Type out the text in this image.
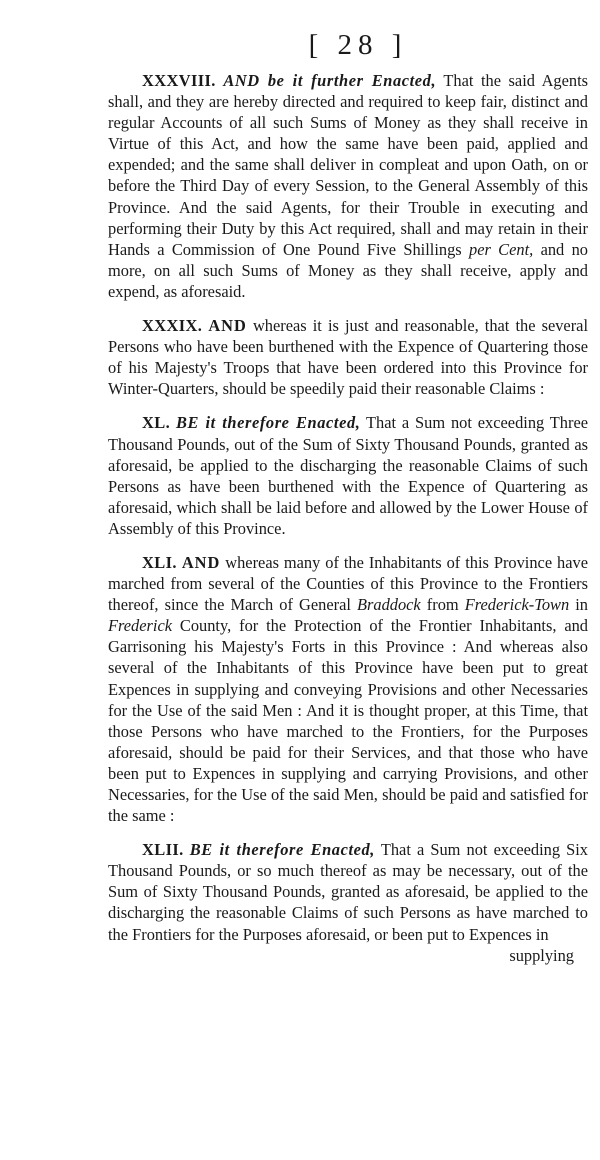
[ 28 ]

XXXVIII. AND be it further Enacted, That the said Agents shall, and they are hereby directed and required to keep fair, distinct and regular Accounts of all such Sums of Money as they shall receive in Virtue of this Act, and how the same have been paid, applied and expended; and the same shall deliver in compleat and upon Oath, on or before the Third Day of every Session, to the General Assembly of this Province. And the said Agents, for their Trouble in executing and performing their Duty by this Act required, shall and may retain in their Hands a Commission of One Pound Five Shillings per Cent, and no more, on all such Sums of Money as they shall receive, apply and expend, as aforesaid.

XXXIX. AND whereas it is just and reasonable, that the several Persons who have been burthened with the Expence of Quartering those of his Majesty's Troops that have been ordered into this Province for Winter-Quarters, should be speedily paid their reasonable Claims :

XL. BE it therefore Enacted, That a Sum not exceeding Three Thousand Pounds, out of the Sum of Sixty Thousand Pounds, granted as aforesaid, be applied to the discharging the reasonable Claims of such Persons as have been burthened with the Expence of Quartering as aforesaid, which shall be laid before and allowed by the Lower House of Assembly of this Province.

XLI. AND whereas many of the Inhabitants of this Province have marched from several of the Counties of this Province to the Frontiers thereof, since the March of General Braddock from Frederick-Town in Frederick County, for the Protection of the Frontier Inhabitants, and Garrisoning his Majesty's Forts in this Province : And whereas also several of the Inhabitants of this Province have been put to great Expences in supplying and conveying Provisions and other Necessaries for the Use of the said Men : And it is thought proper, at this Time, that those Persons who have marched to the Frontiers, for the Purposes aforesaid, should be paid for their Services, and that those who have been put to Expences in supplying and carrying Provisions, and other Necessaries, for the Use of the said Men, should be paid and satisfied for the same :

XLII. BE it therefore Enacted, That a Sum not exceeding Six Thousand Pounds, or so much thereof as may be necessary, out of the Sum of Sixty Thousand Pounds, granted as aforesaid, be applied to the discharging the reasonable Claims of such Persons as have marched to the Frontiers for the Purposes aforesaid, or been put to Expences in

supplying
